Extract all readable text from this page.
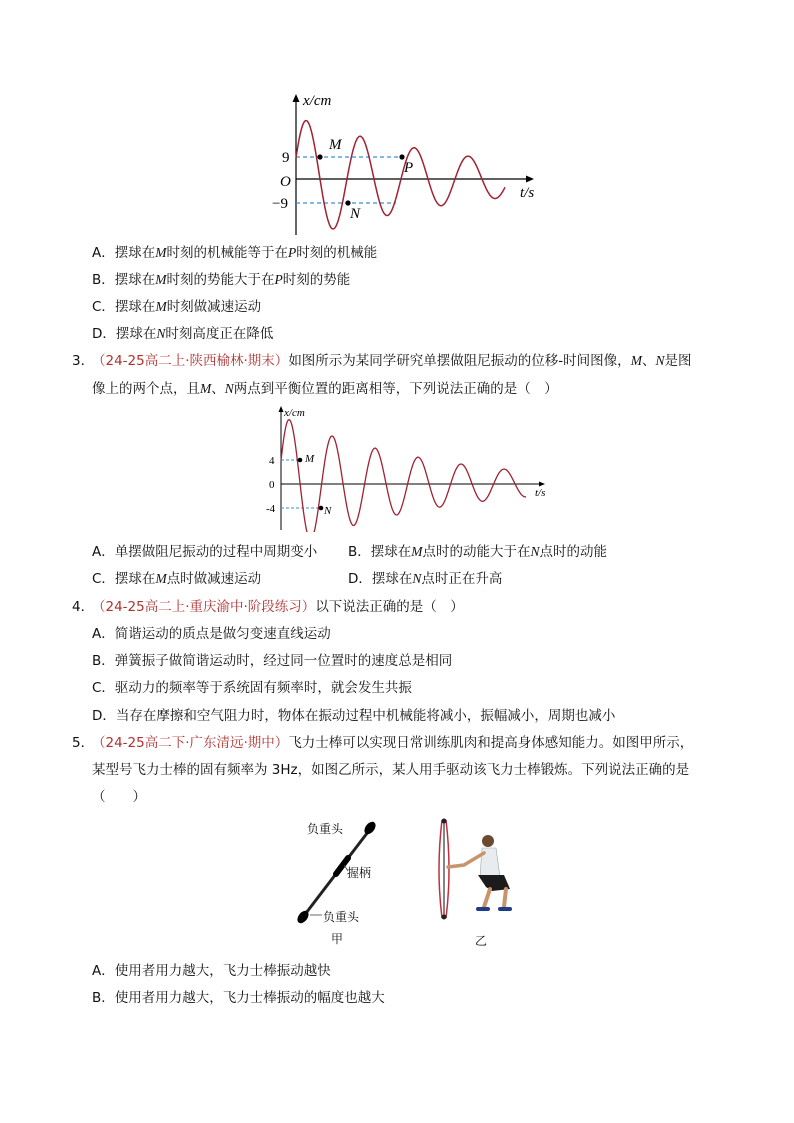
x/cm
t/s
O
9
−9
M
P
N
A．摆球在M时刻的机械能等于在P时刻的机械能
B．摆球在M时刻的势能大于在P时刻的势能
C．摆球在M时刻做减速运动
D．摆球在N时刻高度正在降低
3．
（24-25高二上·陕西榆林·期末）如图所示为某同学研究单摆做阻尼振动的位移-时间图像，M、N是图
像上的两个点，且M、N两点到平衡位置的距离相等，下列说法正确的是（　）
x/cm
t/s
4
0
-4
M
N
A．单摆做阻尼振动的过程中周期变小 B．摆球在M点时的动能大于在N点时的动能
C．摆球在M点时做减速运动	D．摆球在N点时正在升高
4．
（24-25高二上·重庆渝中·阶段练习）以下说法正确的是（　）
A．简谐运动的质点是做匀变速直线运动
B．弹簧振子做简谐运动时，经过同一位置时的速度总是相同
C．驱动力的频率等于系统固有频率时，就会发生共振
D．当存在摩擦和空气阻力时，物体在振动过程中机械能将减小，振幅减小，周期也减小
5．
（24-25高二下·广东清远·期中）飞力士棒可以实现日常训练肌肉和提高身体感知能力。如图甲所示，
某型号飞力士棒的固有频率为 3Hz，如图乙所示，某人用手驱动该飞力士棒锻炼。下列说法正确的是
（　　）
负重头
握柄
负重头
甲	乙
A．使用者用力越大，飞力士棒振动越快
B．使用者用力越大，飞力士棒振动的幅度也越大
